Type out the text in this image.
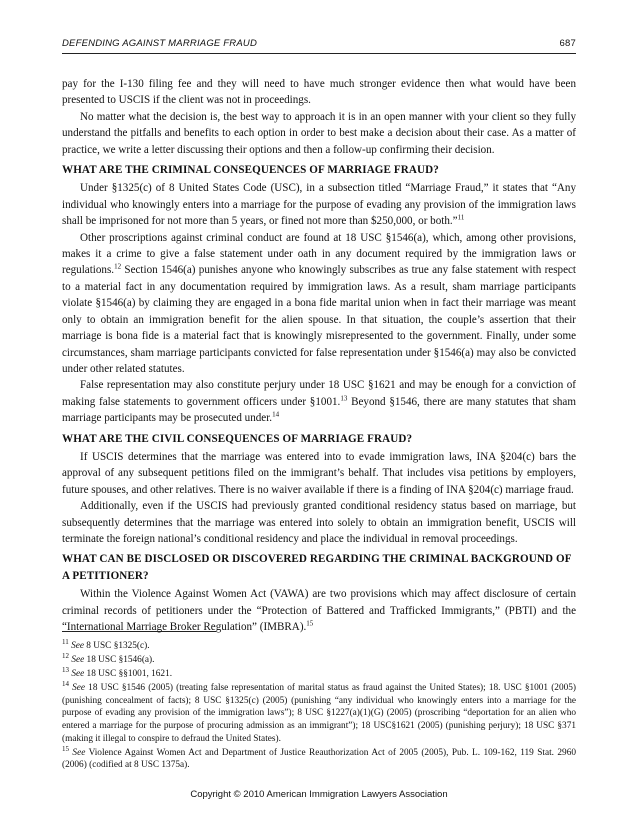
DEFENDING AGAINST MARRIAGE FRAUD	687

pay for the I-130 filing fee and they will need to have much stronger evidence then what would have been presented to USCIS if the client was not in proceedings.

No matter what the decision is, the best way to approach it is in an open manner with your client so they fully understand the pitfalls and benefits to each option in order to best make a decision about their case. As a matter of practice, we write a letter discussing their options and then a follow-up confirming their decision.

WHAT ARE THE CRIMINAL CONSEQUENCES OF MARRIAGE FRAUD?

Under §1325(c) of 8 United States Code (USC), in a subsection titled “Marriage Fraud,” it states that “Any individual who knowingly enters into a marriage for the purpose of evading any provision of the immigration laws shall be imprisoned for not more than 5 years, or fined not more than $250,000, or both.”$^{11}$

Other proscriptions against criminal conduct are found at 18 USC §1546(a), which, among other provisions, makes it a crime to give a false statement under oath in any document required by the immigration laws or regulations.$^{12}$ Section 1546(a) punishes anyone who knowingly subscribes as true any false statement with respect to a material fact in any documentation required by immigration laws. As a result, sham marriage participants violate §1546(a) by claiming they are engaged in a bona fide marital union when in fact their marriage was meant only to obtain an immigration benefit for the alien spouse. In that situation, the couple’s assertion that their marriage is bona fide is a material fact that is knowingly misrepresented to the government. Finally, under some circumstances, sham marriage participants convicted for false representation under §1546(a) may also be convicted under other related statutes.

False representation may also constitute perjury under 18 USC §1621 and may be enough for a conviction of making false statements to government officers under §1001.13 Beyond §1546, there are many statutes that sham marriage participants may be prosecuted under.$^{14}$

WHAT ARE THE CIVIL CONSEQUENCES OF MARRIAGE FRAUD?

If USCIS determines that the marriage was entered into to evade immigration laws, INA §204(c) bars the approval of any subsequent petitions filed on the immigrant’s behalf. That includes visa petitions by employers, future spouses, and other relatives. There is no waiver available if there is a finding of INA §204(c) marriage fraud.

Additionally, even if the USCIS had previously granted conditional residency status based on marriage, but subsequently determines that the marriage was entered into solely to obtain an immigration benefit, USCIS will terminate the foreign national’s conditional residency and place the individual in removal proceedings.

WHAT CAN BE DISCLOSED OR DISCOVERED REGARDING THE CRIMINAL BACKGROUND OF A PETITIONER?

Within the Violence Against Women Act (VAWA) are two provisions which may affect disclosure of certain criminal records of petitioners under the “Protection of Battered and Trafficked Immigrants,” (PBTI) and the “International Marriage Broker Regulation” (IMBRA).$^{15}$

$^{11}$ See 8 USC §1325(c).

$^{12}$ See 18 USC §1546(a).

$^{13}$ See 18 USC §§1001, 1621.

$^{14}$ See 18 USC §1546 (2005) (treating false representation of marital status as fraud against the United States); 18. USC §1001 (2005) (punishing concealment of facts); 8 USC §1325(c) (2005) (punishing “any individual who knowingly enters into a marriage for the purpose of evading any provision of the immigration laws”); 8 USC §1227(a)(1)(G) (2005) (proscribing “deportation for an alien who entered a marriage for the purpose of procuring admission as an immigrant”); 18 USC§1621 (2005) (punishing perjury); 18 USC §371 (making it illegal to conspire to defraud the United States).

$^{15}$ See Violence Against Women Act and Department of Justice Reauthorization Act of 2005 (2005), Pub. L. 109-162, 119 Stat. 2960 (2006) (codified at 8 USC 1375a).

Copyright © 2010 American Immigration Lawyers Association
